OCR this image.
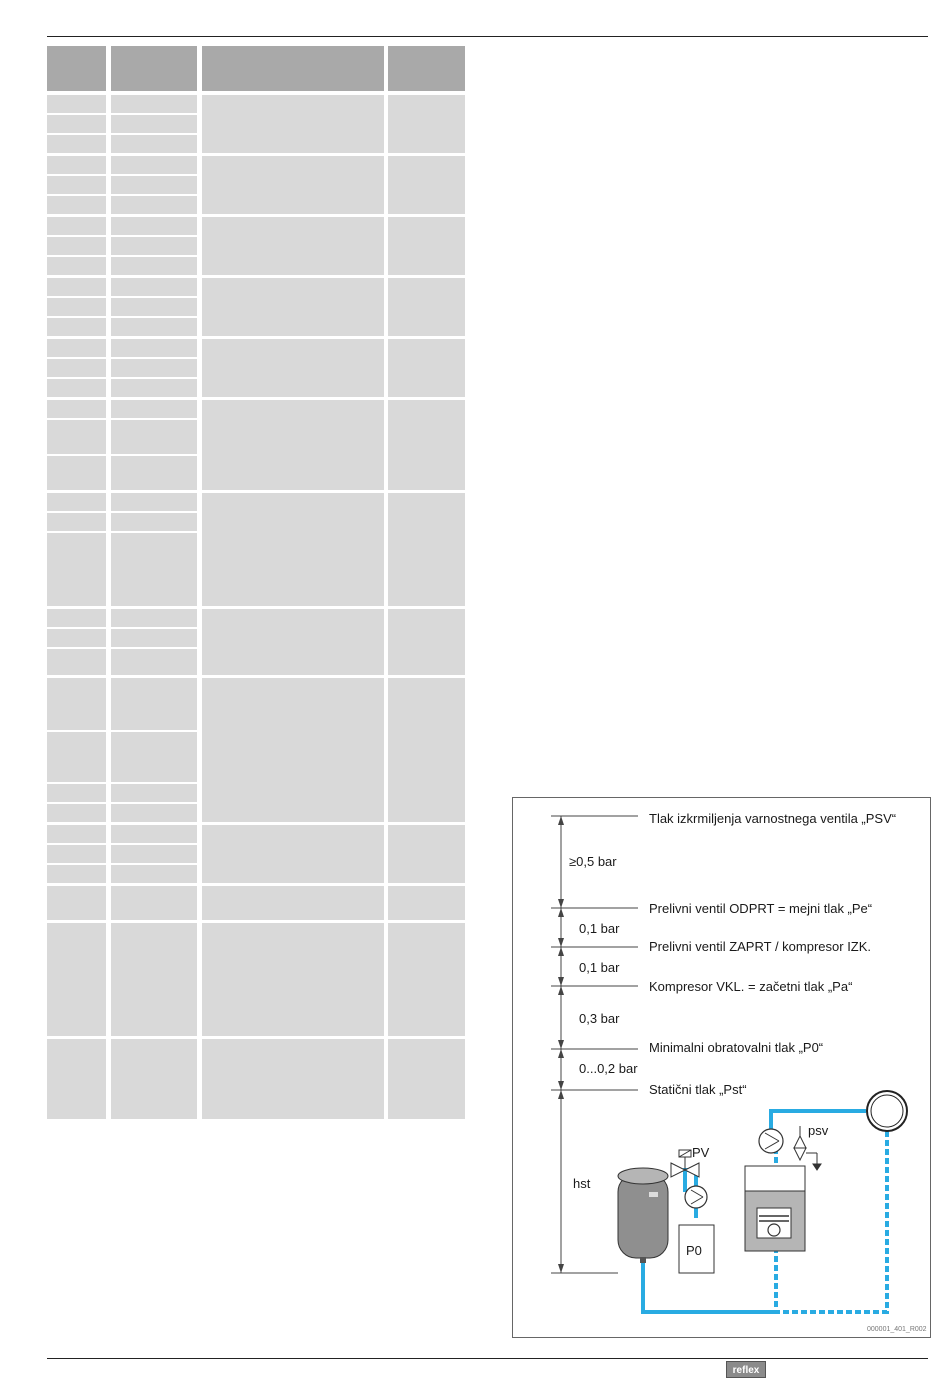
Tlak izkrmiljenja varnostnega ventila „PSV“
≥0,5 bar
Prelivni ventil ODPRT = mejni tlak „Pe“
0,1 bar
Prelivni ventil ZAPRT / kompresor IZK.
0,1 bar
Kompresor VKL. = začetni tlak „Pa“
0,3 bar
Minimalni obratovalni tlak „P0“
0...0,2 bar
Statični tlak „Pst“
hst
PV
psv
P0
000001_401_R002
reflex
